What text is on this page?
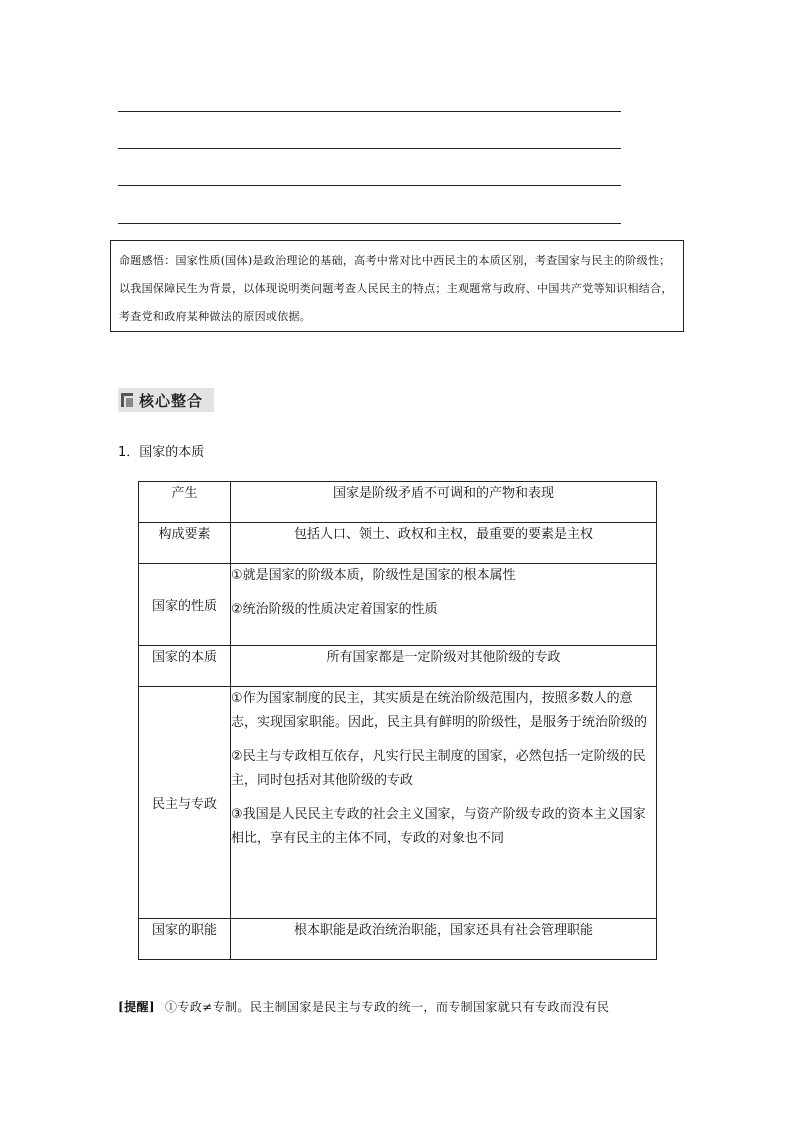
命题感悟：国家性质(国体)是政治理论的基础，高考中常对比中西民主的本质区别，考查国家与民主的阶级性；以我国保障民生为背景，以体现说明类问题考查人民民主的特点；主观题常与政府、中国共产党等知识相结合，考查党和政府某种做法的原因或依据。
核心整合
1．国家的本质
产生	国家是阶级矛盾不可调和的产物和表现

构成要素	包括人口、领土、政权和主权，最重要的要素是主权

国家的性质	①就是国家的阶级本质，阶级性是国家的根本属性
②统治阶级的性质决定着国家的性质

国家的本质	所有国家都是一定阶级对其他阶级的专政

民主与专政	①作为国家制度的民主，其实质是在统治阶级范围内，按照多数人的意志，实现国家职能。因此，民主具有鲜明的阶级性，是服务于统治阶级的
②民主与专政相互依存，凡实行民主制度的国家，必然包括一定阶级的民主，同时包括对其他阶级的专政
③我国是人民民主专政的社会主义国家，与资产阶级专政的资本主义国家相比，享有民主的主体不同，专政的对象也不同

国家的职能	根本职能是政治统治职能，国家还具有社会管理职能
[提醒] ①专政≠专制。民主制国家是民主与专政的统一，而专制国家就只有专政而没有民
